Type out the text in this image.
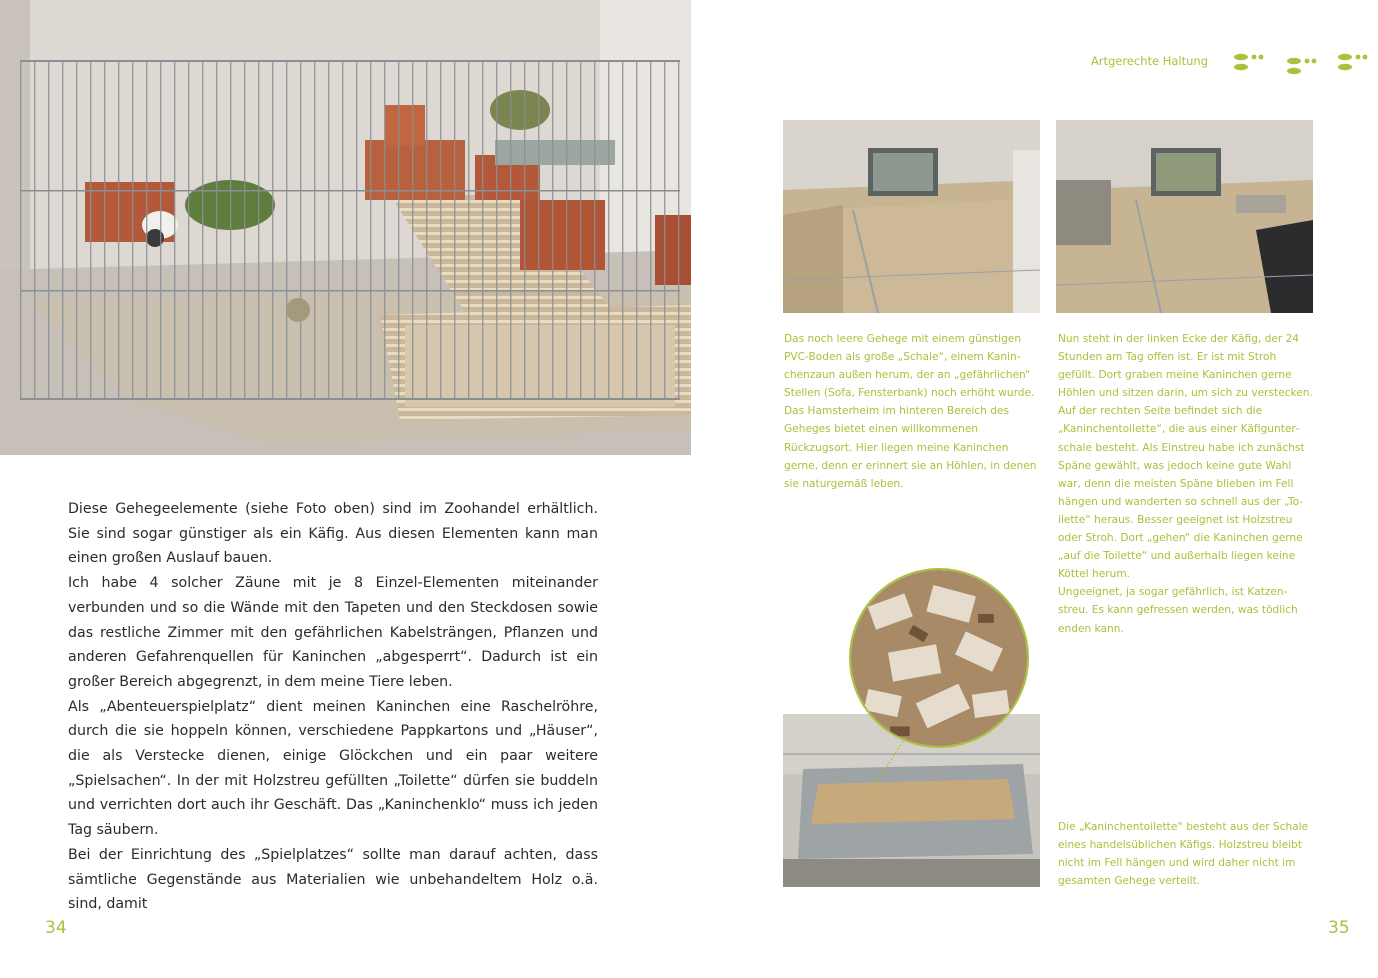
Diese Gehegeelemente (siehe Foto oben) sind im Zoohandel erhältlich. Sie sind sogar günstiger als ein Käfig. Aus diesen Elementen kann man einen großen Auslauf bauen.

Ich habe 4 solcher Zäune mit je 8 Einzel-Elementen miteinander verbunden und so die Wände mit den Tapeten und den Steckdosen sowie das restliche Zimmer mit den gefährlichen Kabelsträngen, Pflanzen und anderen Gefahrenquellen für Kaninchen „abgesperrt“. Dadurch ist ein großer Bereich abgegrenzt, in dem meine Tiere leben.

Als „Abenteuerspielplatz“ dient meinen Kaninchen eine Raschelröhre, durch die sie hoppeln können, verschiedene Pappkartons und „Häuser“, die als Verstecke dienen, einige Glöckchen und ein paar weitere „Spielsachen“. In der mit Holzstreu gefüllten „Toilette“ dürfen sie buddeln und verrichten dort auch ihr Geschäft. Das „Kaninchenklo“ muss ich jeden Tag säubern.

Bei der Einrichtung des „Spielplatzes“ sollte man darauf achten, dass sämtliche Gegenstände aus Materialien wie unbehandeltem Holz o.ä. sind, damit

34
Artgerechte Haltung

Das noch leere Gehege mit einem günstigen PVC-Boden als große „Schale“, einem Kaninchenzaun außen herum, der an „gefährlichen“ Stellen (Sofa, Fensterbank) noch erhöht wurde. Das Hamsterheim im hinteren Bereich des Geheges bietet einen willkommenen Rückzugsort. Hier liegen meine Kaninchen gerne, denn er erinnert sie an Höhlen, in denen sie naturgemäß leben.

Nun steht in der linken Ecke der Käfig, der 24 Stunden am Tag offen ist. Er ist mit Stroh gefüllt. Dort graben meine Kaninchen gerne Höhlen und sitzen darin, um sich zu verstecken. Auf der rechten Seite befindet sich die „Kaninchentoilette“, die aus einer Käfigunterschale besteht. Als Einstreu habe ich zunächst Späne gewählt, was jedoch keine gute Wahl war, denn die meisten Späne blieben im Fell hängen und wanderten so schnell aus der „Toilette“ heraus. Besser geeignet ist Holzstreu oder Stroh. Dort „gehen“ die Kaninchen gerne „auf die Toilette“ und außerhalb liegen keine Köttel herum.

Ungeeignet, ja sogar gefährlich, ist Katzenstreu. Es kann gefressen werden, was tödlich enden kann.

Die „Kaninchentoilette“ besteht aus der Schale eines handelsüblichen Käfigs. Holzstreu bleibt nicht im Fell hängen und wird daher nicht im gesamten Gehege verteilt.

35
